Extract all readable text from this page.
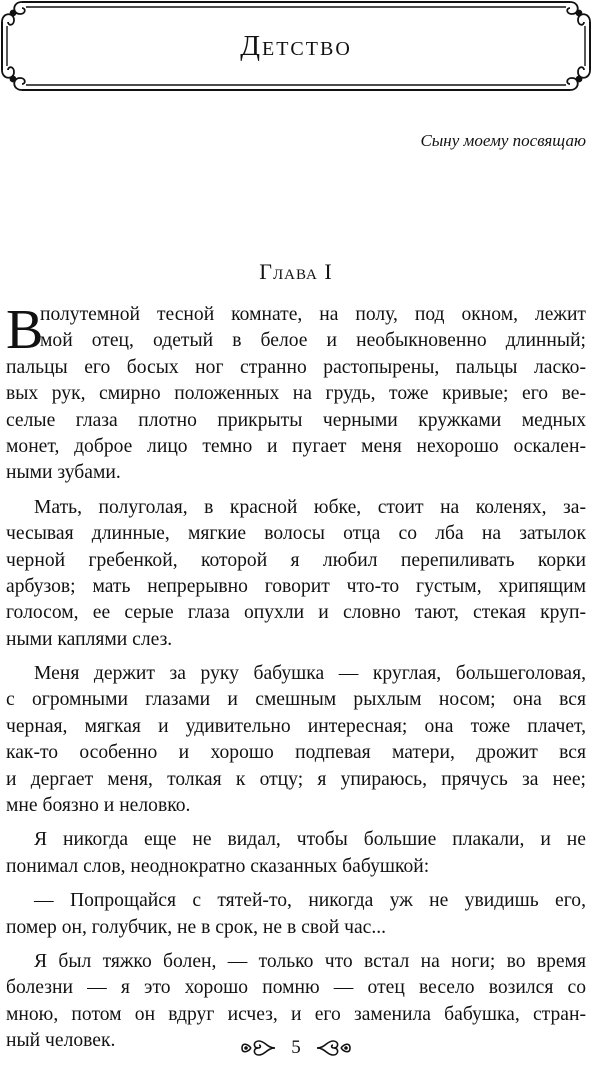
Детство
Сыну моему посвящаю
Глава I
В
полутемной тесной комнате, на полу, под окном, лежит
мой отец, одетый в белое и необыкновенно длинный;
пальцы его босых ног странно растопырены, пальцы ласко-
вых рук, смирно положенных на грудь, тоже кривые; его ве-
селые глаза плотно прикрыты черными кружками медных
монет, доброе лицо темно и пугает меня нехорошо оскален-
ными зубами.
Мать, полуголая, в красной юбке, стоит на коленях, за-
чесывая длинные, мягкие волосы отца со лба на затылок
черной гребенкой, которой я любил перепиливать корки
арбузов; мать непрерывно говорит что-то густым, хрипящим
голосом, ее серые глаза опухли и словно тают, стекая круп-
ными каплями слез.
Меня держит за руку бабушка — круглая, большеголовая,
с огромными глазами и смешным рыхлым носом; она вся
черная, мягкая и удивительно интересная; она тоже плачет,
как-то особенно и хорошо подпевая матери, дрожит вся
и дергает меня, толкая к отцу; я упираюсь, прячусь за нее;
мне боязно и неловко.
Я никогда еще не видал, чтобы большие плакали, и не
понимал слов, неоднократно сказанных бабушкой:
— Попрощайся с тятей-то, никогда уж не увидишь его,
помер он, голубчик, не в срок, не в свой час...
Я был тяжко болен, — только что встал на ноги; во время
болезни — я это хорошо помню — отец весело возился со
мною, потом он вдруг исчез, и его заменила бабушка, стран-
ный человек.	5
